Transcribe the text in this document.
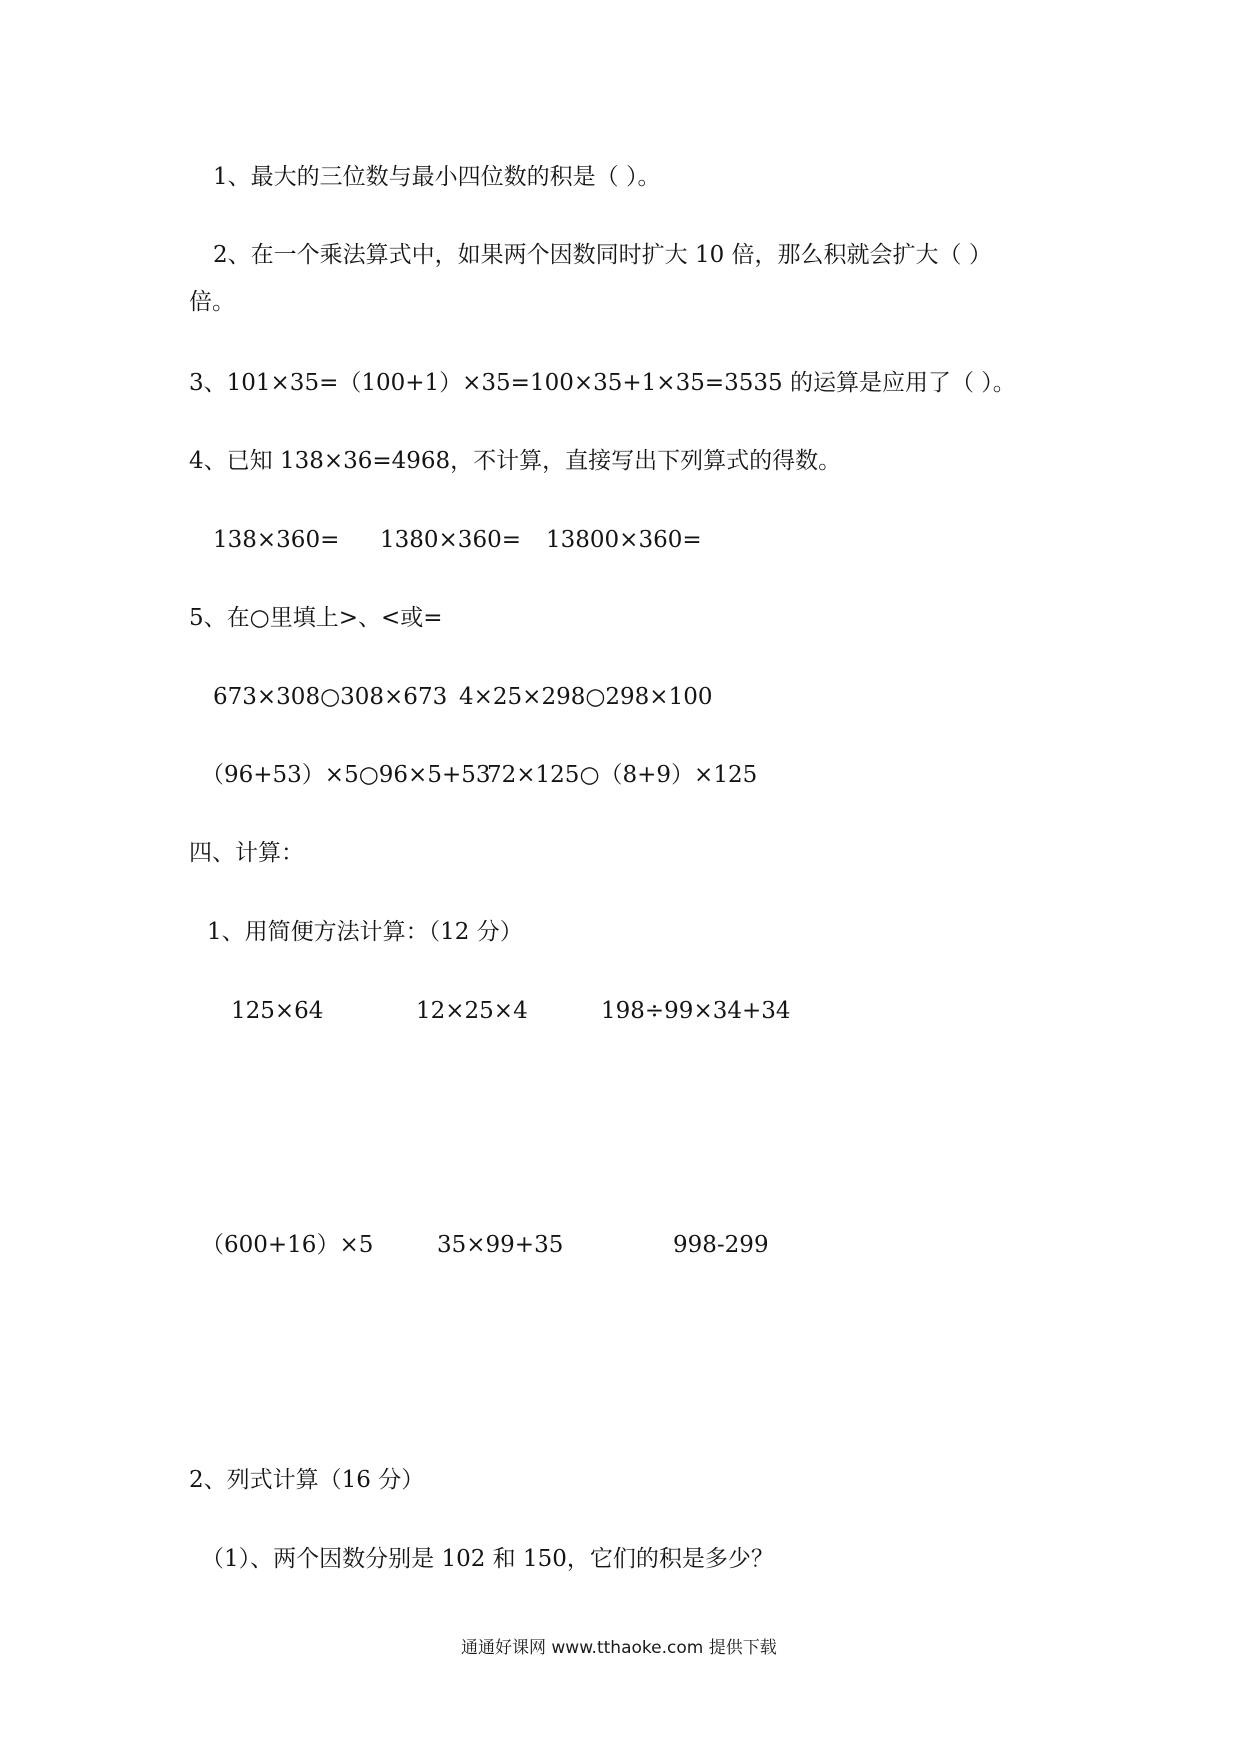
1、最大的三位数与最小四位数的积是（ ）。
2、在一个乘法算式中，如果两个因数同时扩大 10 倍，那么积就会扩大（ ）
倍。
3、101×35=（100+1）×35=100×35+1×35=3535 的运算是应用了（ ）。
4、已知 138×36=4968，不计算，直接写出下列算式的得数。
138×360= 1380×360= 13800×360=
5、在○里填上>、<或=
673×308○308×673 4×25×298○298×100
（96+53）×5○96×5+53
72×125○（8+9）×125
四、计算：
1、用简便方法计算：（12 分）
125×64	12×25×4	198÷99×34+34
（600+16）×5	35×99+35	998-299
2、列式计算（16 分）
（1）、两个因数分别是 102 和 150，它们的积是多少？
通通好课网 www.tthaoke.com 提供下载
